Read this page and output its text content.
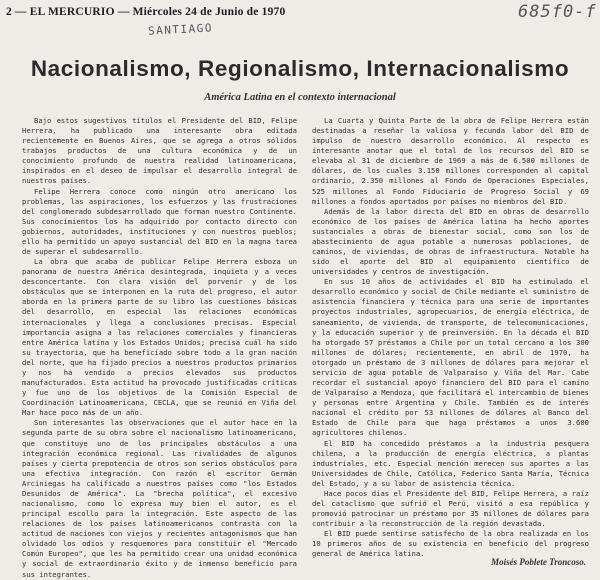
2 — EL MERCURIO — Miércoles 24 de Junio de 1970	685f0-f
SANTIAGO
Nacionalismo, Regionalismo, Internacionalismo
América Latina en el contexto internacional

Bajo estos sugestivos títulos el Presidente del BID, Felipe Herrera, ha publicado una interesante obra editada recientemente en Buenos Aires, que se agrega a otros sólidos trabajos productos de una cultura económica y de un conocimiento profundo de nuestra realidad latinoamericana, inspirados en el deseo de impulsar el desarrollo integral de nuestros países.

Felipe Herrera conoce como ningún otro americano los problemas, las aspiraciones, los esfuerzos y las frustraciones del conglomerado subdesarrollado que forman nuestro Continente. Sus conocimientos los ha adquirido por contacto directo con gobiernos, autoridades, instituciones y con nuestros pueblos; ello ha permitido un apoyo sustancial del BID en la magna tarea de superar el subdesarrollo.

La obra que acaba de publicar Felipe Herrera esboza un panorama de nuestra América desintegrada, inquieta y a veces desconcertante. Con clara visión del porvenir y de los obstáculos que se interponen en la ruta del progreso, el autor aborda en la primera parte de su libro las cuestiones básicas del desarrollo, en especial las relaciones económicas internacionales y llega a conclusiones precisas. Especial importancia asigna a las relaciones comerciales y financieras entre América latina y los Estados Unidos; precisa cuál ha sido su trayectoria, que ha beneficiado sobre todo a la gran nación del norte, que ha fijado precios a nuestros productos primarios y nos ha vendido a precios elevados sus productos manufacturados. Esta actitud ha provocado justificadas críticas y fue uno de los objetivos de la Comisión Especial de Coordinación Latinoamericana, CECLA, que se reunió en Viña del Mar hace poco más de un año.

Son interesantes las observaciones que el autor hace en la segunda parte de su obra sobre el nacionalismo latinoamericano, que constituye uno de los principales obstáculos a una integración económica regional. Las rivalidades de algunos países y cierta prepotencia de otros son serios obstáculos para una efectiva integración. Con razón el escritor Germán Arciniegas ha calificado a nuestros países como "los Estados Desunidos de América". La "brecha política", el excesivo nacionalismo, como lo expresa muy bien el autor, es el principal escollo para la integración. Este aspecto de las relaciones de los países latinoamericanos contrasta con la actitud de naciones con viejos y recientes antagonismos que han olvidado los odios y resquemores para constituir el "Mercado Común Europeo", que les ha permitido crear una unidad económica y social de extraordinario éxito y de inmenso beneficio para sus integrantes.

La Cuarta y Quinta Parte de la obra de Felipe Herrera están destinadas a reseñar la valiosa y fecunda labor del BID de impulso de nuestro desarrollo económico. Al respecto es interesante anotar que el total de los recursos del BID se elevaba al 31 de diciembre de 1969 a más de 6.500 millones de dólares, de los cuales 3.150 millones corresponden al capital ordinario, 2.350 millones al Fondo de Operaciones Especiales, 525 millones al Fondo Fiduciario de Progreso Social y 69 millones a fondos aportados por países no miembros del BID.

Además de la labor directa del BID en obras de desarrollo económico de los países de América latina ha hecho aportes sustanciales a obras de bienestar social, como son los de abastecimiento de agua potable a numerosas poblaciones, de caminos, de viviendas, de obras de infraestructura. Notable ha sido el aporte del BID al equipamiento científico de universidades y centros de investigación.

En sus 10 años de actividades el BID ha estimulado el desarrollo económico y social de Chile mediante el suministro de asistencia financiera y técnica para una serie de importantes proyectos industriales, agropecuarios, de energía eléctrica, de saneamiento, de vivienda, de transporte, de telecomunicaciones, y la educación superior y de preinversión. En la década el BID ha otorgado 57 préstamos a Chile por un total cercano a los 300 millones de dólares; recientemente, en abril de 1970, ha otorgado un préstamo de 3 millones de dólares para mejorar el servicio de agua potable de Valparaíso y Viña del Mar. Cabe recordar el sustancial apoyo financiero del BID para el camino de Valparaíso a Mendoza, que facilitará el intercambio de bienes y personas entre Argentina y Chile. También es de interés nacional el crédito por 53 millones de dólares al Banco del Estado de Chile para que haga préstamos a unos 3.600 agricultores chilenos.

El BID ha concedido préstamos a la industria pesquera chilena, a la producción de energía eléctrica, a plantas industriales, etc. Especial mención merecen sus aportes a las Universidades de Chile, Católica, Federico Santa María, Técnica del Estado, y a su labor de asistencia técnica.

Hace pocos días el Presidente del BID, Felipe Herrera, a raíz del cataclismo que sufrió el Perú, visitó a esa república y promovió patrocinar un préstamo por 35 millones de dólares para contribuir a la reconstrucción de la región devastada.

El BID puede sentirse satisfecho de la obra realizada en los 10 primeros años de su existencia en beneficio del progreso general de América latina.

Moisés Poblete Troncoso.
